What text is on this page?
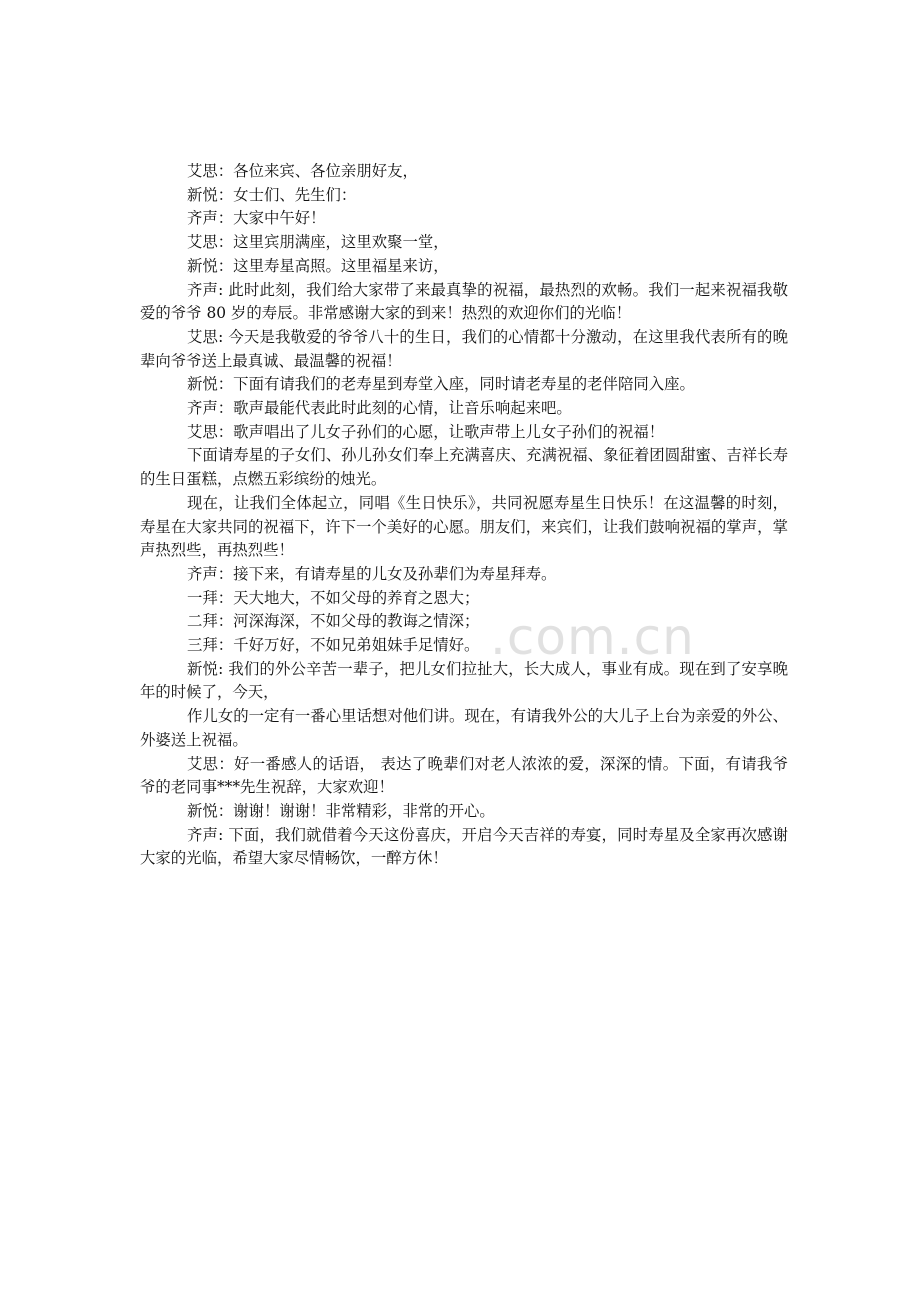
艾思：各位来宾、各位亲朋好友，

新悦：女士们、先生们：

齐声：大家中午好！

艾思：这里宾朋满座，这里欢聚一堂，

新悦：这里寿星高照。这里福星来访，

齐声: 此时此刻，我们给大家带了来最真挚的祝福，最热烈的欢畅。我们一起来祝福我敬爱的爷爷 80 岁的寿辰。非常感谢大家的到来！热烈的欢迎你们的光临！

艾思: 今天是我敬爱的爷爷八十的生日，我们的心情都十分激动，在这里我代表所有的晚辈向爷爷送上最真诚、最温馨的祝福！

新悦：下面有请我们的老寿星到寿堂入座，同时请老寿星的老伴陪同入座。

齐声：歌声最能代表此时此刻的心情，让音乐响起来吧。

艾思：歌声唱出了儿女子孙们的心愿，让歌声带上儿女子孙们的祝福！

下面请寿星的子女们、孙儿孙女们奉上充满喜庆、充满祝福、象征着团圆甜蜜、吉祥长寿的生日蛋糕，点燃五彩缤纷的烛光。

现在，让我们全体起立，同唱《生日快乐》，共同祝愿寿星生日快乐！在这温馨的时刻，寿星在大家共同的祝福下，许下一个美好的心愿。朋友们，来宾们，让我们鼓响祝福的掌声，掌声热烈些，再热烈些！

齐声：接下来，有请寿星的儿女及孙辈们为寿星拜寿。

一拜：天大地大，不如父母的养育之恩大；

二拜：河深海深，不如父母的教诲之情深；

三拜：千好万好，不如兄弟姐妹手足情好。

新悦: 我们的外公辛苦一辈子，把儿女们拉扯大，长大成人，事业有成。现在到了安享晚年的时候了，今天，

作儿女的一定有一番心里话想对他们讲。现在，有请我外公的大儿子上台为亲爱的外公、外婆送上祝福。

艾思：好一番感人的话语， 表达了晚辈们对老人浓浓的爱，深深的情。下面，有请我爷爷的老同事***先生祝辞，大家欢迎！

新悦：谢谢！谢谢！非常精彩，非常的开心。

齐声: 下面，我们就借着今天这份喜庆，开启今天吉祥的寿宴，同时寿星及全家再次感谢大家的光临，希望大家尽情畅饮，一醉方休！

.com.cn
